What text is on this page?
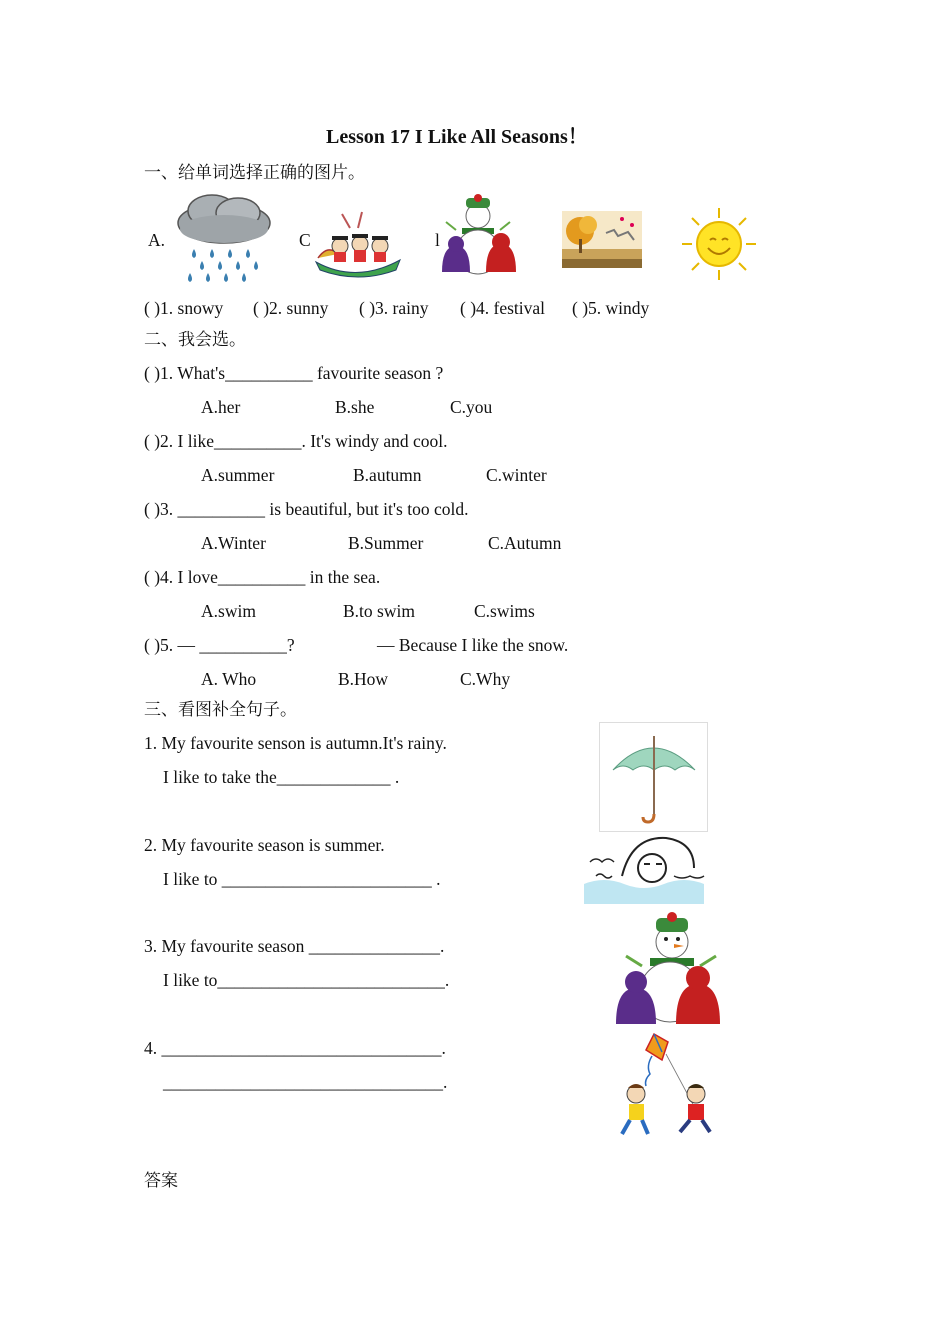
Lesson 17 I Like All Seasons！
一、给单词选择正确的图片。
A.	C	l
( )1. snowy ( )2. sunny ( )3. rainy ( )4. festival ( )5. windy
二、我会选。
( )1. What's__________ favourite season ?
A.her	B.she	C.you
( )2. I like__________. It's windy and cool.
A.summer	B.autumn	C.winter
( )3. __________ is beautiful, but it's too cold.
A.Winter	B.Summer	C.Autumn
( )4. I love__________ in the sea.
A.swim	B.to swim	C.swims
( )5. — __________?	— Because I like the snow.
A. Who	B.How	C.Why
三、看图补全句子。
1. My favourite senson is autumn.It's rainy.
I like to take the_____________ .
2. My favourite season is summer.
I like to ________________________ .
3. My favourite season _______________.
I like to__________________________.
4. ________________________________.
________________________________.
答案
